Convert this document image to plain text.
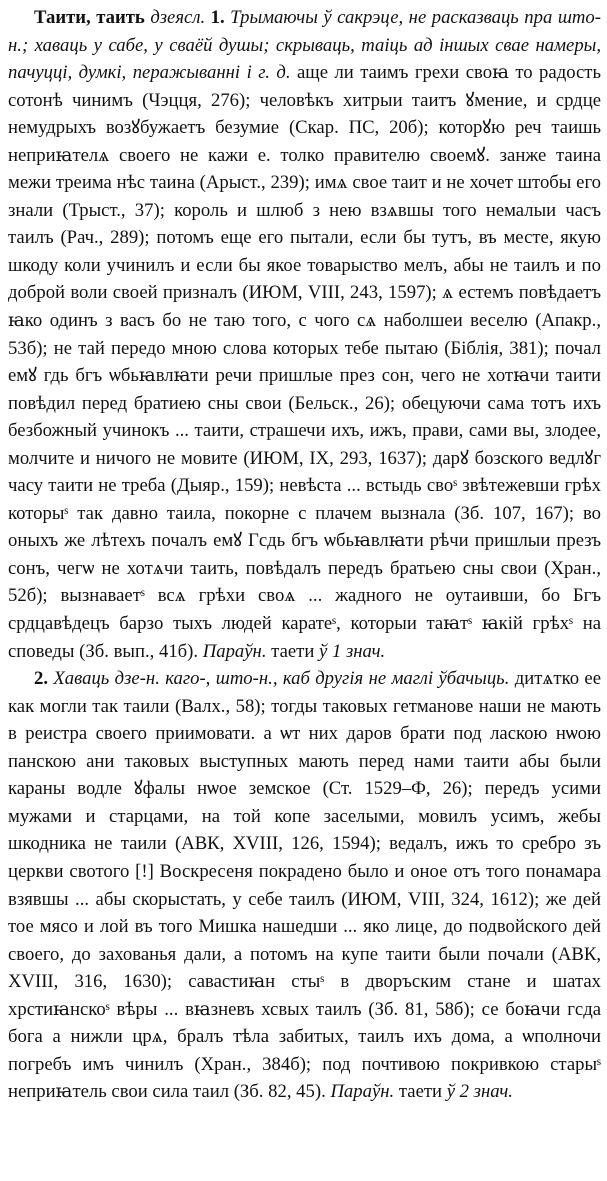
Таити, таить дзеясл. 1. Трымаючы ў сакрэце, не расказваць пра што-н.; хаваць у сабе, у сваёй душы; скрываць, таіць ад іншых свае намеры, пачуцці, думкі, перажыванні і г. д. аще ли таимъ грехи своꙗ то радость сотонѣ чинимъ (Чэцця, 276); человѣкъ хитрыи таитъ ꙋмение, и срдце немудрыхъ возꙋбужаетъ безумие (Скар. ПС, 20б); которꙋю реч таишь неприꙗтелѧ своего не кажи е. толко правителю своемꙋ. занже таина межи треима нѣс таина (Арыст., 239); имѧ свое таит и не хочет штобы его знали (Трыст., 37); король и шлюб з нею взѧвшы того немалыи часъ таилъ (Рач., 289); потомъ еще его пытали, если бы тутъ, въ месте, якую шкоду коли учинилъ и если бы якое товарыство мелъ, абы не таилъ и по доброй воли своей призналъ (ИЮМ, VIII, 243, 1597); ѧ естемъ повѣдаетъ ꙗко одинъ з васъ бо не таю того, с чого сѧ наболшеи веселю (Апакр., 53б); не тай передо мною слова которых тебе пытаю (Біблія, 381); почал емꙋ гдь бгъ ѡбьꙗвлꙗти речи пришлые през сон, чего не хотꙗчи таити повѣдил перед братиею сны свои (Бельск., 26); обецуючи сама тотъ ихъ безбожный учинокъ ... таити, страшечи ихъ, ижъ, прави, сами вы, злодее, молчите и ничого не мовите (ИЮМ, IX, 293, 1637); дарꙋ бозского ведлꙋг часу таити не треба (Дыяр., 159); невѣста ... встыдь своˢ звѣтежевши грѣх которыˢ так давно таила, покорне с плачем вызнала (Зб. 107, 167); во оныхъ же лѣтехъ почалъ емꙋ Гсдь бгъ ѡбьꙗвлꙗти рѣчи пришлыи презъ сонъ, чегѡ не хотѧчи таить, повѣдалъ передъ братьею сны свои (Хран., 52б); вызнаваетˢ всѧ грѣхи своѧ ... жадного не оутаивши, бо Бгъ срдцавѣдецъ барзо тыхъ людей каратеˢ, которыи таꙗтˢ ꙗкій грѣхˢ на споведы (Зб. вып., 41б). Параўн. таети ў 1 знач.

2. Хаваць дзе-н. каго-, што-н., каб другія не маглі ўбачыць. дитѧтко ее как могли так таили (Валх., 58); тогды таковых гетманове наши не мають в реистра своего приимовати. а ѡт них даров брати под ласкою нѡою панскою ани таковых выступных мають перед нами таити абы были караны водле ꙋфалы нѡое земское (Ст. 1529–Ф, 26); передъ усими мужами и старцами, на той копе заселыми, мовилъ усимъ, жебы шкодника не таили (АВК, XVIII, 126, 1594); ведалъ, ижъ то сребро зъ церкви свотого [!] Воскресеня покрадено было и оное отъ того понамара взявшы ... абы скорыстать, у себе таилъ (ИЮМ, VIII, 324, 1612); же дей тое мясо и лой въ того Мишка нашедши ... яко лице, до подвойского дей своего, до захованья дали, а потомъ на купе таити были почали (АВК, XVIII, 316, 1630); савастиꙗн стыˢ в дворъским стане и шатах хрстиꙗнскоˢ вѣры ... вꙗзневъ хсвых таилъ (Зб. 81, 58б); се боꙗчи гсда бога а нижли црѧ, бралъ тѣла забитых, таилъ ихъ дома, а ѡполночи погребъ имъ чинилъ (Хран., 384б); под почтивою покривкою старыˢ неприꙗтель свои сила таил (Зб. 82, 45). Параўн. таети ў 2 знач.
